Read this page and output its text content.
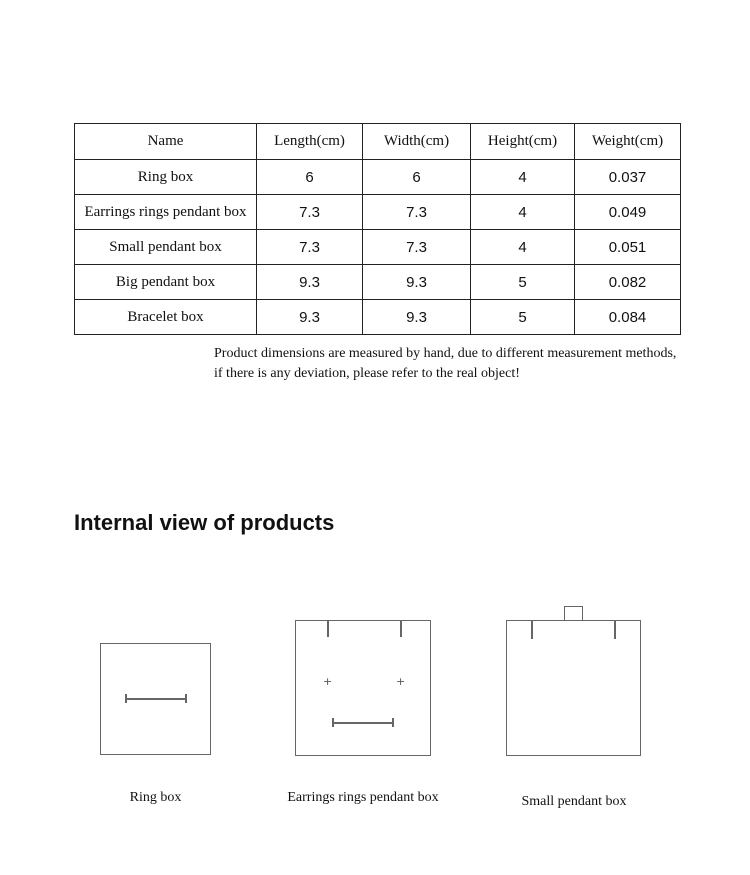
Name	Length(cm)	Width(cm)	Height(cm)	Weight(cm)
Ring box	6	6	4	0.037
Earrings rings pendant box	7.3	7.3	4	0.049
Small pendant box	7.3	7.3	4	0.051
Big pendant box	9.3	9.3	5	0.082
Bracelet box	9.3	9.3	5	0.084

Product dimensions are measured by hand, due to different measurement methods,
if there is any deviation, please refer to the real object!

Internal view of products
Ring box
+	+
Earrings rings pendant box	Small pendant box
